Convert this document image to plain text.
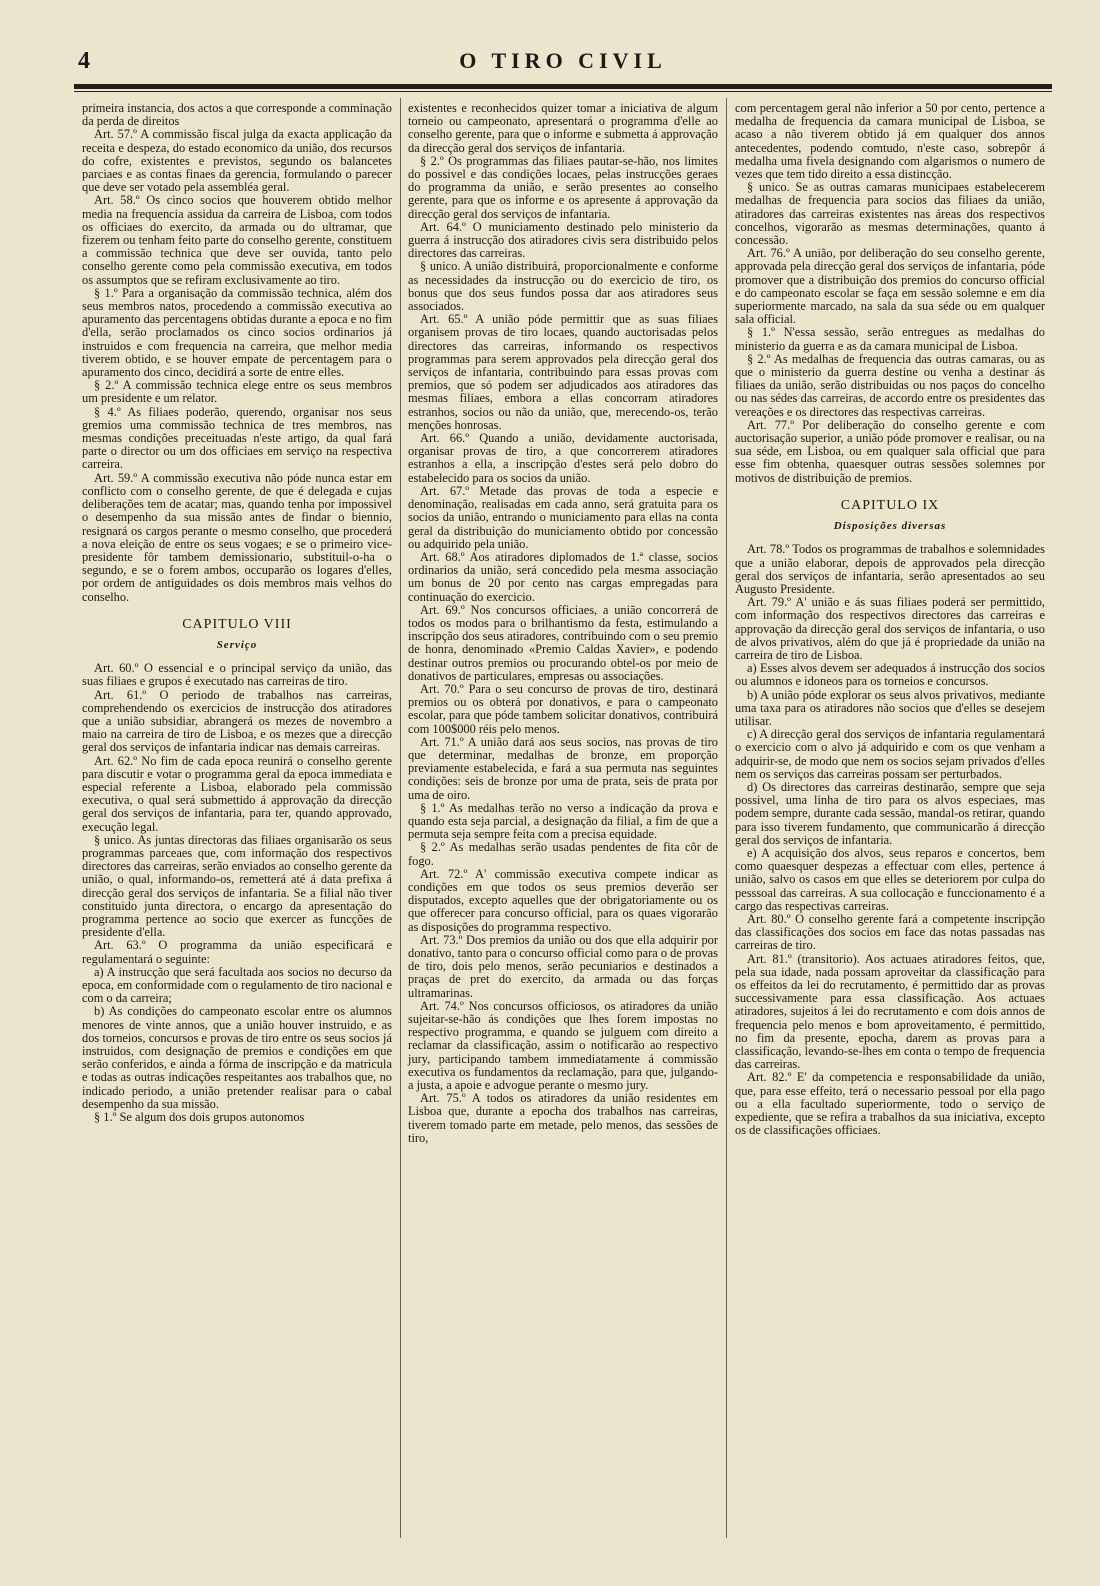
4	O TIRO CIVIL

primeira instancia, dos actos a que corresponde a comminação da perda de direitos

Art. 57.º A commissão fiscal julga da exacta applicação da receita e despeza, do estado economico da união, dos recursos do cofre, existentes e previstos, segundo os balancetes parciaes e as contas finaes da gerencia, formulando o parecer que deve ser votado pela assembléa geral.

Art. 58.º Os cinco socios que houverem obtido melhor media na frequencia assidua da carreira de Lisboa, com todos os officiaes do exercito, da armada ou do ultramar, que fizerem ou tenham feito parte do conselho gerente, constituem a commissão technica que deve ser ouvida, tanto pelo conselho gerente como pela commissão executiva, em todos os assumptos que se refiram exclusivamente ao tiro.

§ 1.º Para a organisação da commissão technica, além dos seus membros natos, procedendo a commissão executiva ao apuramento das percentagens obtidas durante a epoca e no fim d'ella, serão proclamados os cinco socios ordinarios já instruidos e com frequencia na carreira, que melhor media tiverem obtido, e se houver empate de percentagem para o apuramento dos cinco, decidirá a sorte de entre elles.

§ 2.º A commissão technica elege entre os seus membros um presidente e um relator.

§ 4.º As filiaes poderão, querendo, organisar nos seus gremios uma commissão technica de tres membros, nas mesmas condições preceituadas n'este artigo, da qual fará parte o director ou um dos officiaes em serviço na respectiva carreira.

Art. 59.º A commissão executiva não póde nunca estar em conflicto com o conselho gerente, de que é delegada e cujas deliberações tem de acatar; mas, quando tenha por impossivel o desempenho da sua missão antes de findar o biennio, resignará os cargos perante o mesmo conselho, que procederá a nova eleição de entre os seus vogaes; e se o primeiro vice-presidente fôr tambem demissionario, substituil-o-ha o segundo, e se o forem ambos, occuparão os logares d'elles, por ordem de antiguidades os dois membros mais velhos do conselho.

CAPITULO VIII
Serviço

Art. 60.º O essencial e o principal serviço da união, das suas filiaes e grupos é executado nas carreiras de tiro.

Art. 61.º O periodo de trabalhos nas carreiras, comprehendendo os exercicios de instrucção dos atiradores que a união subsidiar, abrangerá os mezes de novembro a maio na carreira de tiro de Lisboa, e os mezes que a direcção geral dos serviços de infantaria indicar nas demais carreiras.

Art. 62.º No fim de cada epoca reunirá o conselho gerente para discutir e votar o programma geral da epoca immediata e especial referente a Lisboa, elaborado pela commissão executiva, o qual será submettido á approvação da direcção geral dos serviços de infantaria, para ter, quando approvado, execução legal.

§ unico. As juntas directoras das filiaes organisarão os seus programmas parceaes que, com informação dos respectivos directores das carreiras, serão enviados ao conselho gerente da união, o qual, informando-os, remetterá até á data prefixa á direcção geral dos serviços de infantaria. Se a filial não tiver constituido junta directora, o encargo da apresentação do programma pertence ao socio que exercer as funcções de presidente d'ella.

Art. 63.º O programma da união especificará e regulamentará o seguinte:

a) A instrucção que será facultada aos socios no decurso da epoca, em conformidade com o regulamento de tiro nacional e com o da carreira;

b) As condições do campeonato escolar entre os alumnos menores de vinte annos, que a união houver instruido, e as dos torneios, concursos e provas de tiro entre os seus socios já instruidos, com designação de premios e condições em que serão conferidos, e ainda a fórma de inscripção e da matricula e todas as outras indicações respeitantes aos trabalhos que, no indicado periodo, a união pretender realisar para o cabal desempenho da sua missão.

§ 1.º Se algum dos dois grupos autonomos

existentes e reconhecidos quizer tomar a iniciativa de algum torneio ou campeonato, apresentará o programma d'elle ao conselho gerente, para que o informe e submetta á approvação da direcção geral dos serviços de infantaria.

§ 2.º Os programmas das filiaes pautar-se-hão, nos limites do possivel e das condições locaes, pelas instrucções geraes do programma da união, e serão presentes ao conselho gerente, para que os informe e os apresente á approvação da direcção geral dos serviços de infantaria.

Art. 64.º O municiamento destinado pelo ministerio da guerra á instrucção dos atiradores civis sera distribuido pelos directores das carreiras.

§ unico. A união distribuirá, proporcionalmente e conforme as necessidades da instrucção ou do exercicio de tiro, os bonus que dos seus fundos possa dar aos atiradores seus associados.

Art. 65.º A união póde permittir que as suas filiaes organisem provas de tiro locaes, quando auctorisadas pelos directores das carreiras, informando os respectivos programmas para serem approvados pela direcção geral dos serviços de infantaria, contribuindo para essas provas com premios, que só podem ser adjudicados aos atiradores das mesmas filiaes, embora a ellas concorram atiradores estranhos, socios ou não da união, que, merecendo-os, terão menções honrosas.

Art. 66.º Quando a união, devidamente auctorisada, organisar provas de tiro, a que concorrerem atiradores estranhos a ella, a inscripção d'estes será pelo dobro do estabelecido para os socios da união.

Art. 67.º Metade das provas de toda a especie e denominação, realisadas em cada anno, será gratuita para os socios da união, entrando o municiamento para ellas na conta geral da distribuição do municiamento obtido por concessão ou adquirido pela união.

Art. 68.º Aos atiradores diplomados de 1.ª classe, socios ordinarios da união, será concedido pela mesma associação um bonus de 20 por cento nas cargas empregadas para continuação do exercicio.

Art. 69.º Nos concursos officiaes, a união concorrerá de todos os modos para o brilhantismo da festa, estimulando a inscripção dos seus atiradores, contribuindo com o seu premio de honra, denominado «Premio Caldas Xavier», e podendo destinar outros premios ou procurando obtel-os por meio de donativos de particulares, empresas ou associações.

Art. 70.º Para o seu concurso de provas de tiro, destinará premios ou os obterá por donativos, e para o campeonato escolar, para que póde tambem solicitar donativos, contribuirá com 100$000 réis pelo menos.

Art. 71.º A união dará aos seus socios, nas provas de tiro que determinar, medalhas de bronze, em proporção previamente estabelecida, e fará a sua permuta nas seguintes condições: seis de bronze por uma de prata, seis de prata por uma de oiro.

§ 1.º As medalhas terão no verso a indicação da prova e quando esta seja parcial, a designação da filial, a fim de que a permuta seja sempre feita com a precisa equidade.

§ 2.º As medalhas serão usadas pendentes de fita côr de fogo.

Art. 72.º A' commissão executiva compete indicar as condições em que todos os seus premios deverão ser disputados, excepto aquelles que der obrigatoriamente ou os que offerecer para concurso official, para os quaes vigorarão as disposições do programma respectivo.

Art. 73.º Dos premios da união ou dos que ella adquirir por donativo, tanto para o concurso official como para o de provas de tiro, dois pelo menos, serão pecuniarios e destinados a praças de pret do exercito, da armada ou das forças ultramarinas.

Art. 74.º Nos concursos officiosos, os atiradores da união sujeitar-se-hão ás condições que lhes forem impostas no respectivo programma, e quando se julguem com direito a reclamar da classificação, assim o notificarão ao respectivo jury, participando tambem immediatamente á commissão executiva os fundamentos da reclamação, para que, julgando-a justa, a apoie e advogue perante o mesmo jury.

Art. 75.º A todos os atiradores da união residentes em Lisboa que, durante a epocha dos trabalhos nas carreiras, tiverem tomado parte em metade, pelo menos, das sessões de tiro,

com percentagem geral não inferior a 50 por cento, pertence a medalha de frequencia da camara municipal de Lisboa, se acaso a não tiverem obtido já em qualquer dos annos antecedentes, podendo comtudo, n'este caso, sobrepôr á medalha uma fivela designando com algarismos o numero de vezes que tem tido direito a essa distincção.

§ unico. Se as outras camaras municipaes estabelecerem medalhas de frequencia para socios das filiaes da união, atiradores das carreiras existentes nas áreas dos respectivos concelhos, vigorarão as mesmas determinações, quanto á concessão.

Art. 76.º A união, por deliberação do seu conselho gerente, approvada pela direcção geral dos serviços de infantaria, póde promover que a distribuição dos premios do concurso official e do campeonato escolar se faça em sessão solemne e em dia superiormente marcado, na sala da sua séde ou em qualquer sala official.

§ 1.º N'essa sessão, serão entregues as medalhas do ministerio da guerra e as da camara municipal de Lisboa.

§ 2.º As medalhas de frequencia das outras camaras, ou as que o ministerio da guerra destine ou venha a destinar ás filiaes da união, serão distribuidas ou nos paços do concelho ou nas sédes das carreiras, de accordo entre os presidentes das vereações e os directores das respectivas carreiras.

Art. 77.º Por deliberação do conselho gerente e com auctorisação superior, a união póde promover e realisar, ou na sua séde, em Lisboa, ou em qualquer sala official que para esse fim obtenha, quaesquer outras sessões solemnes por motivos de distribuição de premios.

CAPITULO IX
Disposições diversas

Art. 78.º Todos os programmas de trabalhos e solemnidades que a união elaborar, depois de approvados pela direcção geral dos serviços de infantaria, serão apresentados ao seu Augusto Presidente.

Art. 79.º A' união e ás suas filiaes poderá ser permittido, com informação dos respectivos directores das carreiras e approvação da direcção geral dos serviços de infantaria, o uso de alvos privativos, além do que já é propriedade da união na carreira de tiro de Lisboa.

a) Esses alvos devem ser adequados á instrucção dos socios ou alumnos e idoneos para os torneios e concursos.

b) A união póde explorar os seus alvos privativos, mediante uma taxa para os atiradores não socios que d'elles se desejem utilisar.

c) A direcção geral dos serviços de infantaria regulamentará o exercicio com o alvo já adquirido e com os que venham a adquirir-se, de modo que nem os socios sejam privados d'elles nem os serviços das carreiras possam ser perturbados.

d) Os directores das carreiras destinarão, sempre que seja possivel, uma linha de tiro para os alvos especiaes, mas podem sempre, durante cada sessão, mandal-os retirar, quando para isso tiverem fundamento, que communicarão á direcção geral dos serviços de infantaria.

e) A acquisição dos alvos, seus reparos e concertos, bem como quaesquer despezas a effectuar com elles, pertence á união, salvo os casos em que elles se deteriorem por culpa do pesssoal das carreiras. A sua collocação e funccionamento é a cargo das respectivas carreiras.

Art. 80.º O conselho gerente fará a competente inscripção das classificações dos socios em face das notas passadas nas carreiras de tiro.

Art. 81.º (transitorio). Aos actuaes atiradores feitos, que, pela sua idade, nada possam aproveitar da classificação para os effeitos da lei do recrutamento, é permittido dar as provas successivamente para essa classificação. Aos actuaes atiradores, sujeitos á lei do recrutamento e com dois annos de frequencia pelo menos e bom aproveitamento, é permittido, no fim da presente, epocha, darem as provas para a classificação, levando-se-lhes em conta o tempo de frequencia das carreiras.

Art. 82.º E' da competencia e responsabilidade da união, que, para esse effeito, terá o necessario pessoal por ella pago ou a ella facultado superiormente, todo o serviço de expediente, que se refira a trabalhos da sua iniciativa, excepto os de classificações officiaes.
